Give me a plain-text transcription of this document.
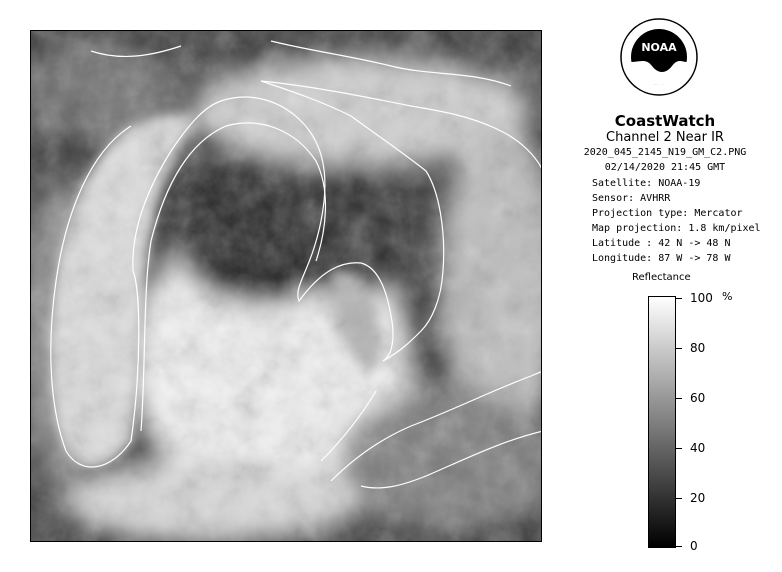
NOAA
CoastWatch
Channel 2 Near IR
2020_045_2145_N19_GM_C2.PNG
02/14/2020 21:45 GMT
Satellite: NOAA-19
Sensor: AVHRR
Projection type: Mercator
Map projection: 1.8 km/pixel
Latitude : 42 N -> 48 N
Longitude: 87 W -> 78 W
Reflectance
%
100
80
60
40
20
0
